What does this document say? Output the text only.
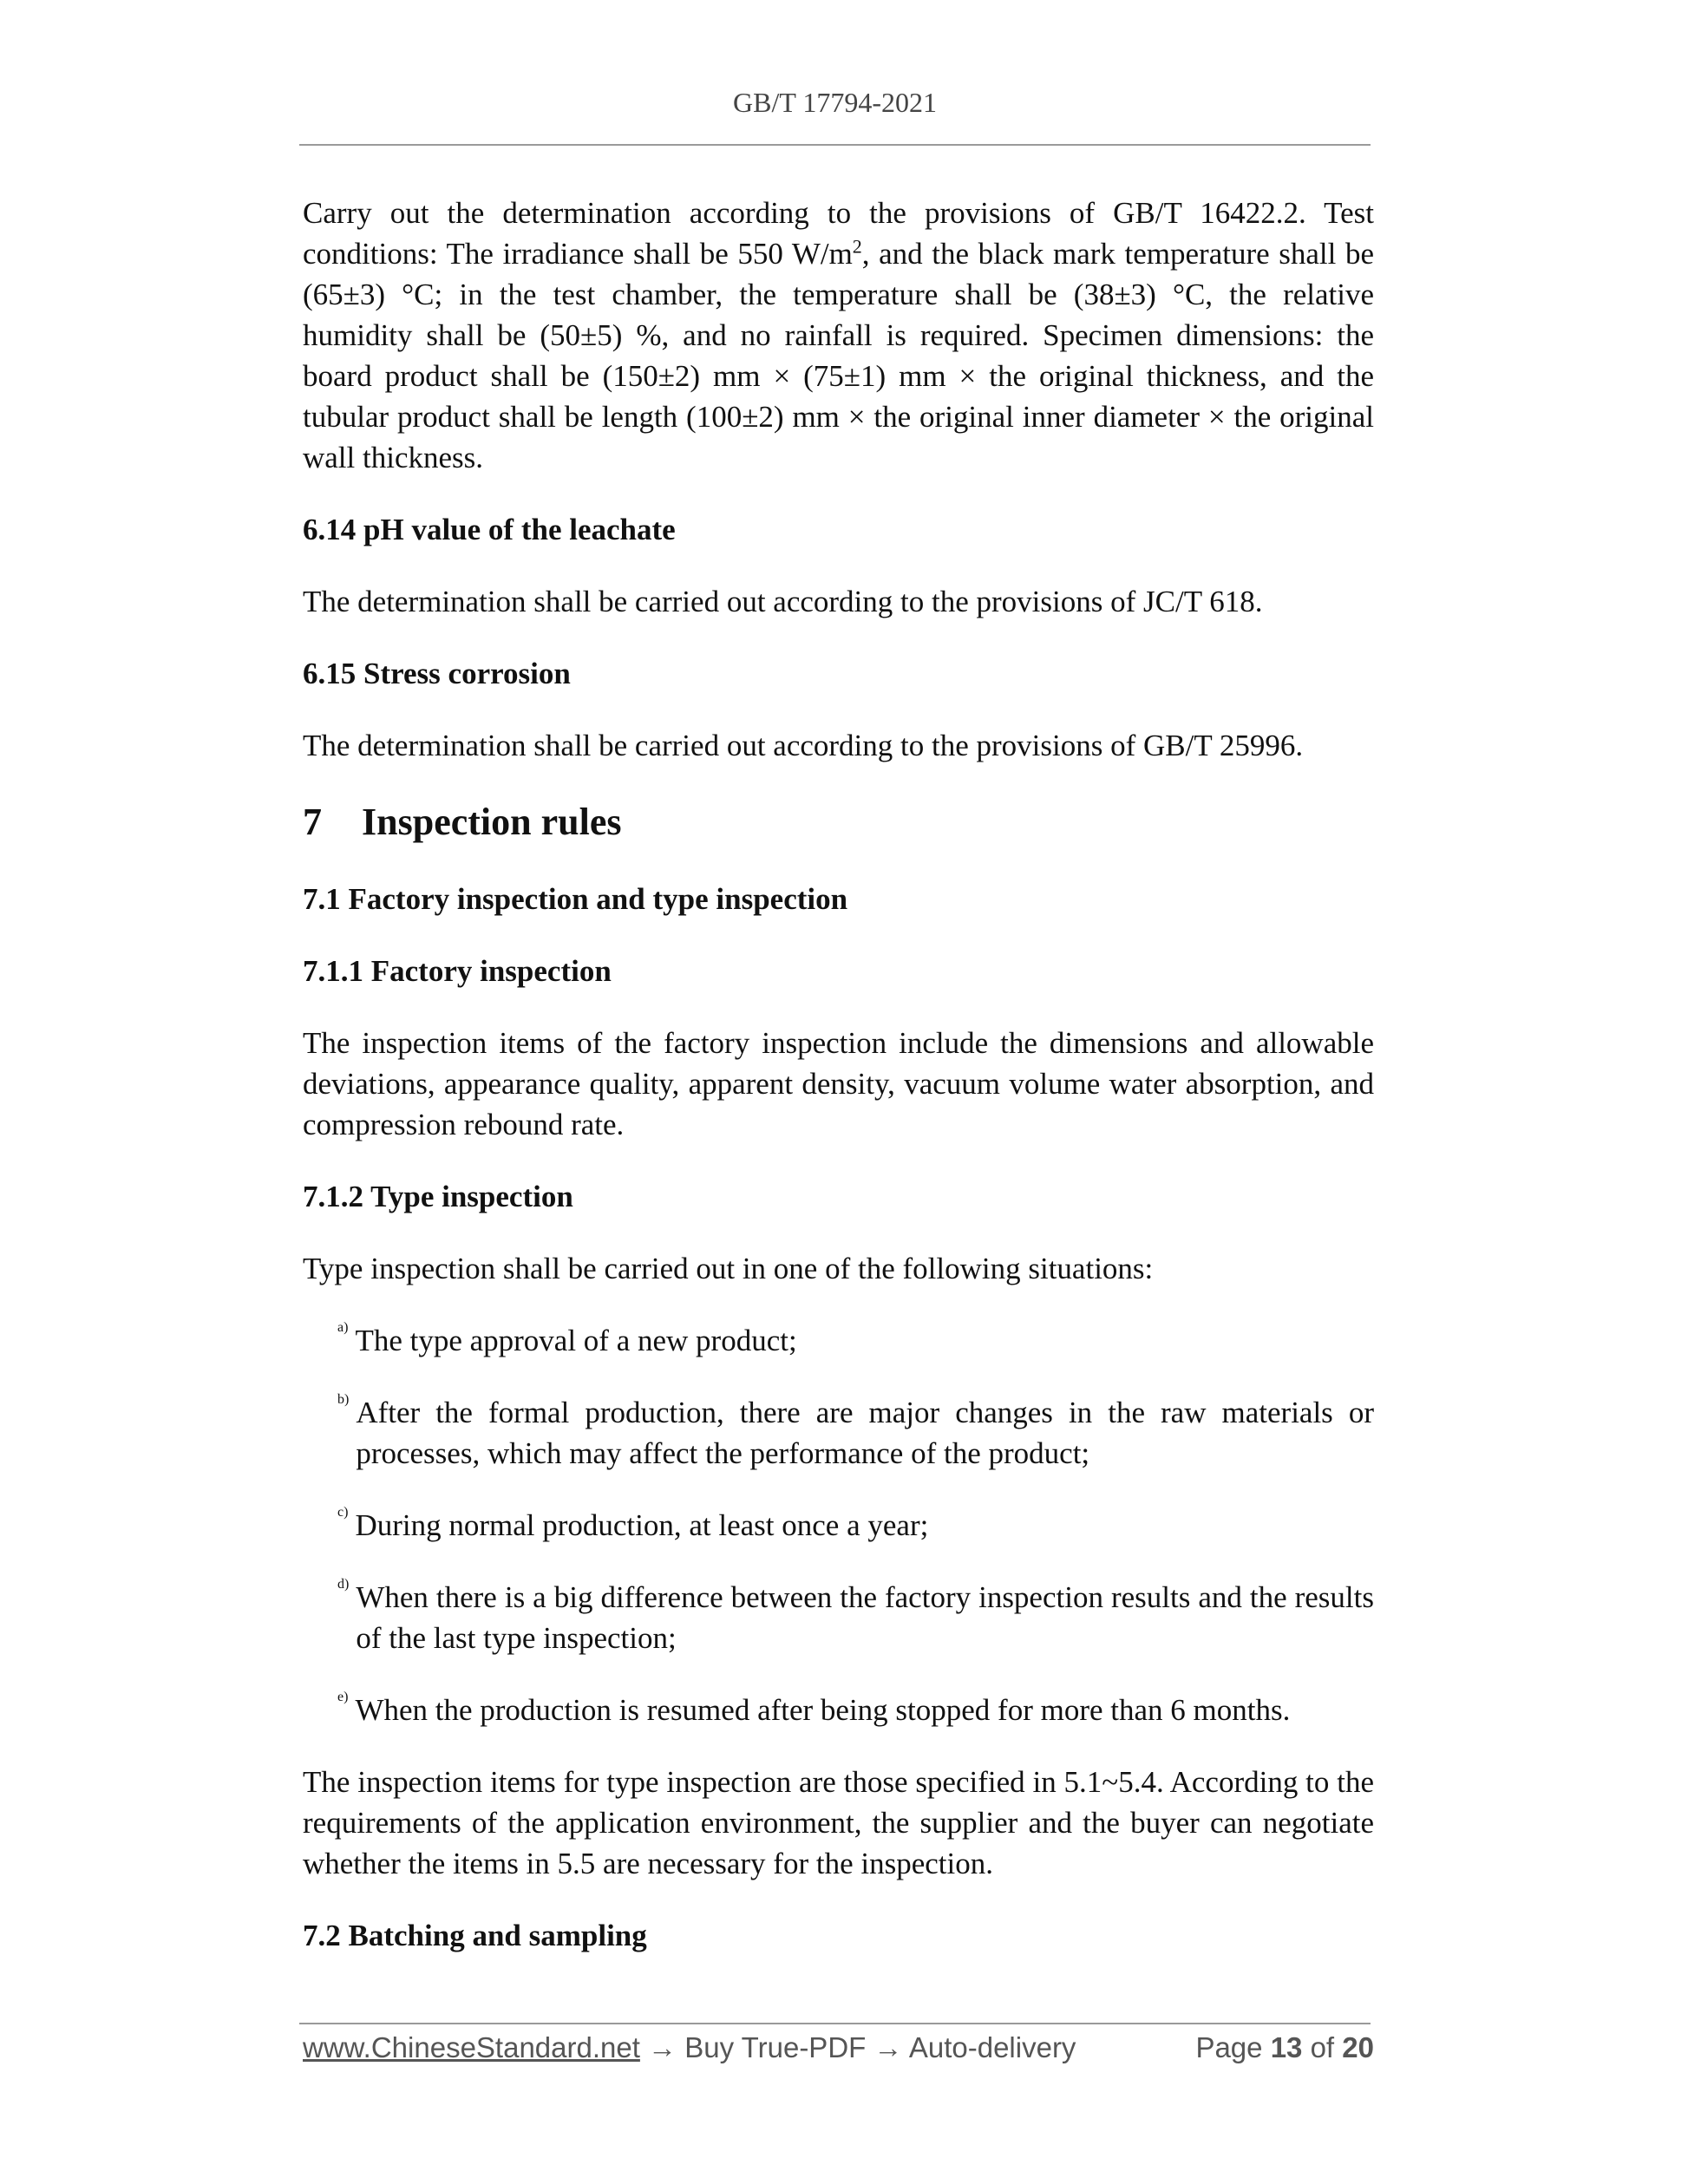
GB/T 17794-2021

Carry out the determination according to the provisions of GB/T 16422.2. Test conditions: The irradiance shall be 550 $W/m^2$, and the black mark temperature shall be (65±3) °C; in the test chamber, the temperature shall be (38±3) °C, the relative humidity shall be (50±5) %, and no rainfall is required. Specimen dimensions: the board product shall be (150±2) mm × (75±1) mm × the original thickness, and the tubular product shall be length (100±2) mm × the original inner diameter × the original wall thickness.

6.14 pH value of the leachate

The determination shall be carried out according to the provisions of JC/T 618.

6.15 Stress corrosion

The determination shall be carried out according to the provisions of GB/T 25996.

7 Inspection rules
7.1 Factory inspection and type inspection
7.1.1 Factory inspection

The inspection items of the factory inspection include the dimensions and allowable deviations, appearance quality, apparent density, vacuum volume water absorption, and compression rebound rate.

7.1.2 Type inspection

Type inspection shall be carried out in one of the following situations:

a) The type approval of a new product;

b) After the formal production, there are major changes in the raw materials or processes, which may affect the performance of the product;

c) During normal production, at least once a year;

d) When there is a big difference between the factory inspection results and the results of the last type inspection;

e) When the production is resumed after being stopped for more than 6 months.

The inspection items for type inspection are those specified in 5.1~5.4. According to the requirements of the application environment, the supplier and the buyer can negotiate whether the items in 5.5 are necessary for the inspection.

7.2 Batching and sampling
www.ChineseStandard.net → Buy True-PDF → Auto-delivery	Page 13 of 20
